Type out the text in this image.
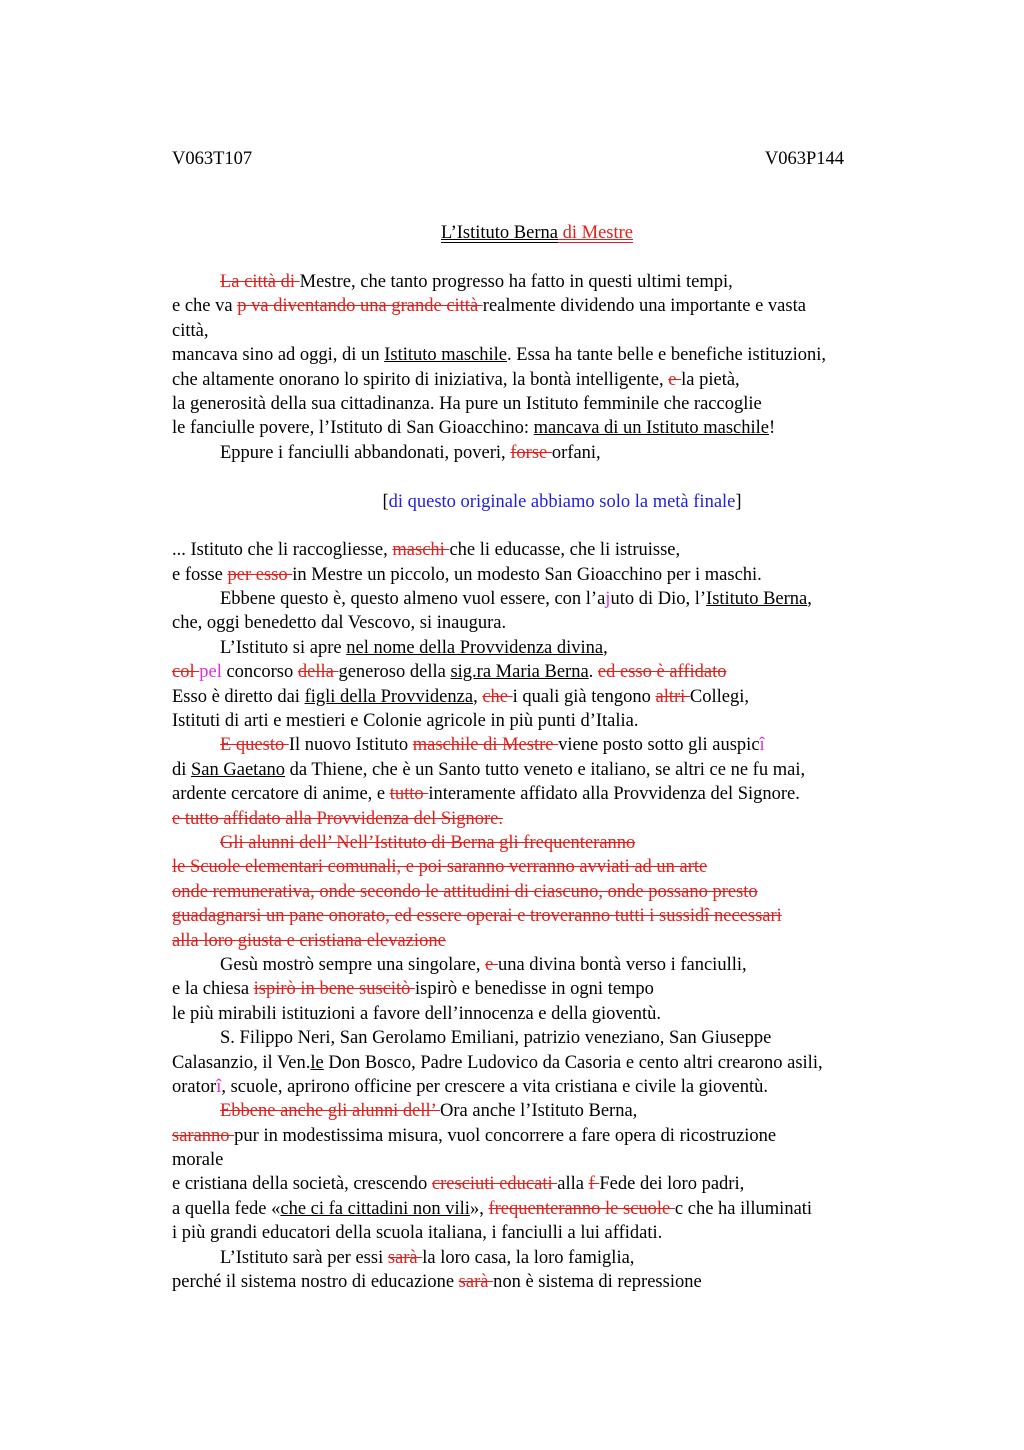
V063T107	V063P144
L’Istituto Berna di Mestre
La città di Mestre, che tanto progresso ha fatto in questi ultimi tempi,
e che va p va diventando una grande città realmente dividendo una importante e vasta
città,
mancava sino ad oggi, di un Istituto maschile. Essa ha tante belle e benefiche istituzioni,
che altamente onorano lo spirito di iniziativa, la bontà intelligente, e la pietà,
la generosità della sua cittadinanza. Ha pure un Istituto femminile che raccoglie
le fanciulle povere, l’Istituto di San Gioacchino: mancava di un Istituto maschile!
Eppure i fanciulli abbandonati, poveri, forse orfani,
[di questo originale abbiamo solo la metà finale]
... Istituto che li raccogliesse, maschi che li educasse, che li istruisse,
e fosse per esso in Mestre un piccolo, un modesto San Gioacchino per i maschi.
Ebbene questo è, questo almeno vuol essere, con l’ajuto di Dio, l’Istituto Berna,
che, oggi benedetto dal Vescovo, si inaugura.
L’Istituto si apre nel nome della Provvidenza divina,
col pel concorso della generoso della sig.ra Maria Berna. ed esso è affidato
Esso è diretto dai figli della Provvidenza, che i quali già tengono altri Collegi,
Istituti di arti e mestieri e Colonie agricole in più punti d’Italia.
E questo Il nuovo Istituto maschile di Mestre viene posto sotto gli auspicî
di San Gaetano da Thiene, che è un Santo tutto veneto e italiano, se altri ce ne fu mai,
ardente cercatore di anime, e tutto interamente affidato alla Provvidenza del Signore.
e tutto affidato alla Provvidenza del Signore.
Gli alunni dell’ Nell’Istituto di Berna gli frequenteranno
le Scuole elementari comunali, e poi saranno verranno avviati ad un arte
onde remunerativa, onde secondo le attitudini di ciascuno, onde possano presto
guadagnarsi un pane onorato, ed essere operai e troveranno tutti i sussidî necessari
alla loro giusta e cristiana elevazione
Gesù mostrò sempre una singolare, e una divina bontà verso i fanciulli,
e la chiesa ispirò in bene suscitò ispirò e benedisse in ogni tempo
le più mirabili istituzioni a favore dell’innocenza e della gioventù.
S. Filippo Neri, San Gerolamo Emiliani, patrizio veneziano, San Giuseppe
Calasanzio, il Ven.le Don Bosco, Padre Ludovico da Casoria e cento altri crearono asili,
oratorî, scuole, aprirono officine per crescere a vita cristiana e civile la gioventù.
Ebbene anche gli alunni dell’ Ora anche l’Istituto Berna,
saranno pur in modestissima misura, vuol concorrere a fare opera di ricostruzione
morale
e cristiana della società, crescendo cresciuti educati alla f Fede dei loro padri,
a quella fede «che ci fa cittadini non vili», frequenteranno le scuole c che ha illuminati
i più grandi educatori della scuola italiana, i fanciulli a lui affidati.
L’Istituto sarà per essi sarà la loro casa, la loro famiglia,
perché il sistema nostro di educazione sarà non è sistema di repressione
